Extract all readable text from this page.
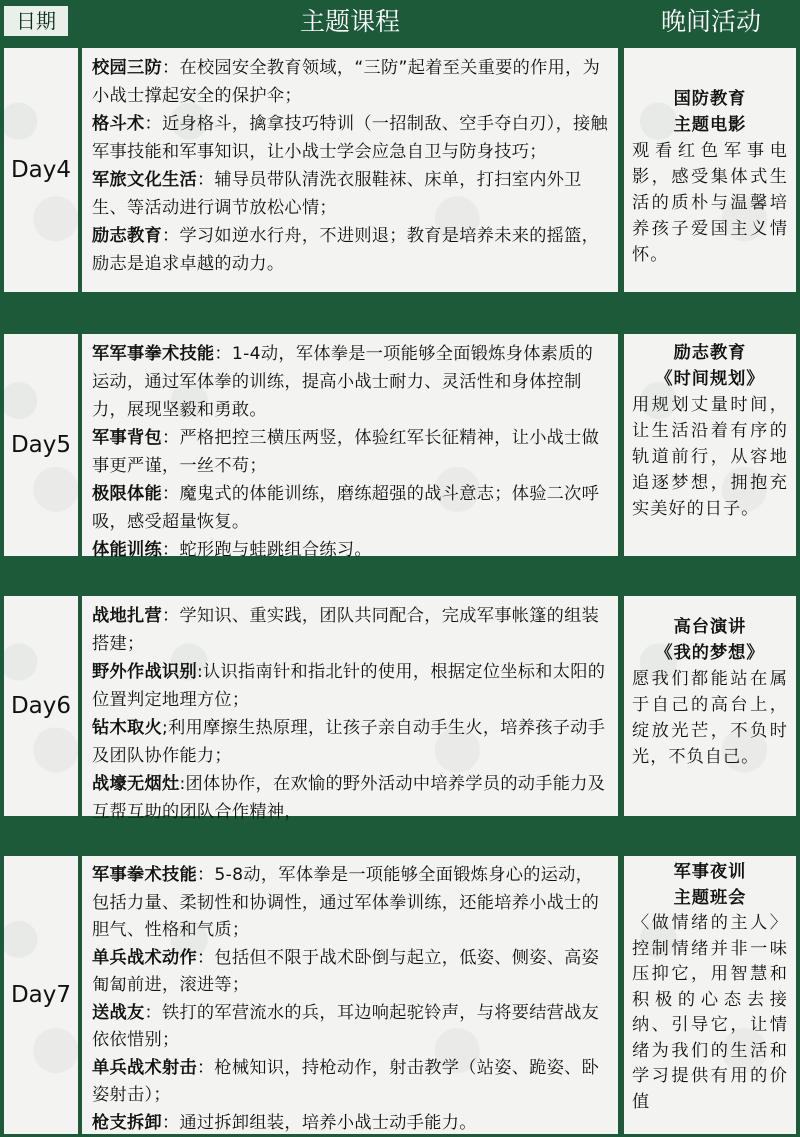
日期	主题课程	晚间活动
Day4

校园三防：在校园安全教育领域，“三防”起着至关重要的作用，为小战士撑起安全的保护伞；

格斗术：近身格斗，擒拿技巧特训（一招制敌、空手夺白刃），接触军事技能和军事知识，让小战士学会应急自卫与防身技巧；

军旅文化生活：辅导员带队清洗衣服鞋袜、床单，打扫室内外卫生、等活动进行调节放松心情；

励志教育：学习如逆水行舟，不进则退；教育是培养未来的摇篮，励志是追求卓越的动力。

国防教育

主题电影

观看红色军事电影，感受集体式生活的质朴与温馨培养孩子爱国主义情怀。

Day5

军军事拳术技能：1-4动，军体拳是一项能够全面锻炼身体素质的运动，通过军体拳的训练，提高小战士耐力、灵活性和身体控制力，展现坚毅和勇敢。

军事背包：严格把控三横压两竖，体验红军长征精神，让小战士做事更严谨，一丝不苟；

极限体能：魔鬼式的体能训练，磨练超强的战斗意志；体验二次呼吸，感受超量恢复。

体能训练：蛇形跑与蛙跳组合练习。

励志教育

《时间规划》

用规划丈量时间，让生活沿着有序的轨道前行，从容地追逐梦想，拥抱充实美好的日子。

Day6

战地扎营：学知识、重实践，团队共同配合，完成军事帐篷的组装搭建；

野外作战识别:认识指南针和指北针的使用，根据定位坐标和太阳的位置判定地理方位；

钻木取火;利用摩擦生热原理，让孩子亲自动手生火，培养孩子动手及团队协作能力；

战壕无烟灶:团体协作，在欢愉的野外活动中培养学员的动手能力及互帮互助的团队合作精神，

高台演讲

《我的梦想》

愿我们都能站在属于自己的高台上，绽放光芒，不负时光，不负自己。

Day7

军事拳术技能：5-8动，军体拳是一项能够全面锻炼身心的运动，包括力量、柔韧性和协调性，通过军体拳训练，还能培养小战士的胆气、性格和气质；

单兵战术动作：包括但不限于战术卧倒与起立，低姿、侧姿、高姿匍匐前进，滚进等；

送战友：铁打的军营流水的兵，耳边响起驼铃声，与将要结营战友依依惜别；

单兵战术射击：枪械知识，持枪动作，射击教学（站姿、跪姿、卧姿射击）；

枪支拆卸：通过拆卸组装，培养小战士动手能力。

军事夜训

主题班会

〈做情绪的主人〉控制情绪并非一味压抑它，用智慧和积极的心态去接纳、引导它，让情绪为我们的生活和学习提供有用的价值
